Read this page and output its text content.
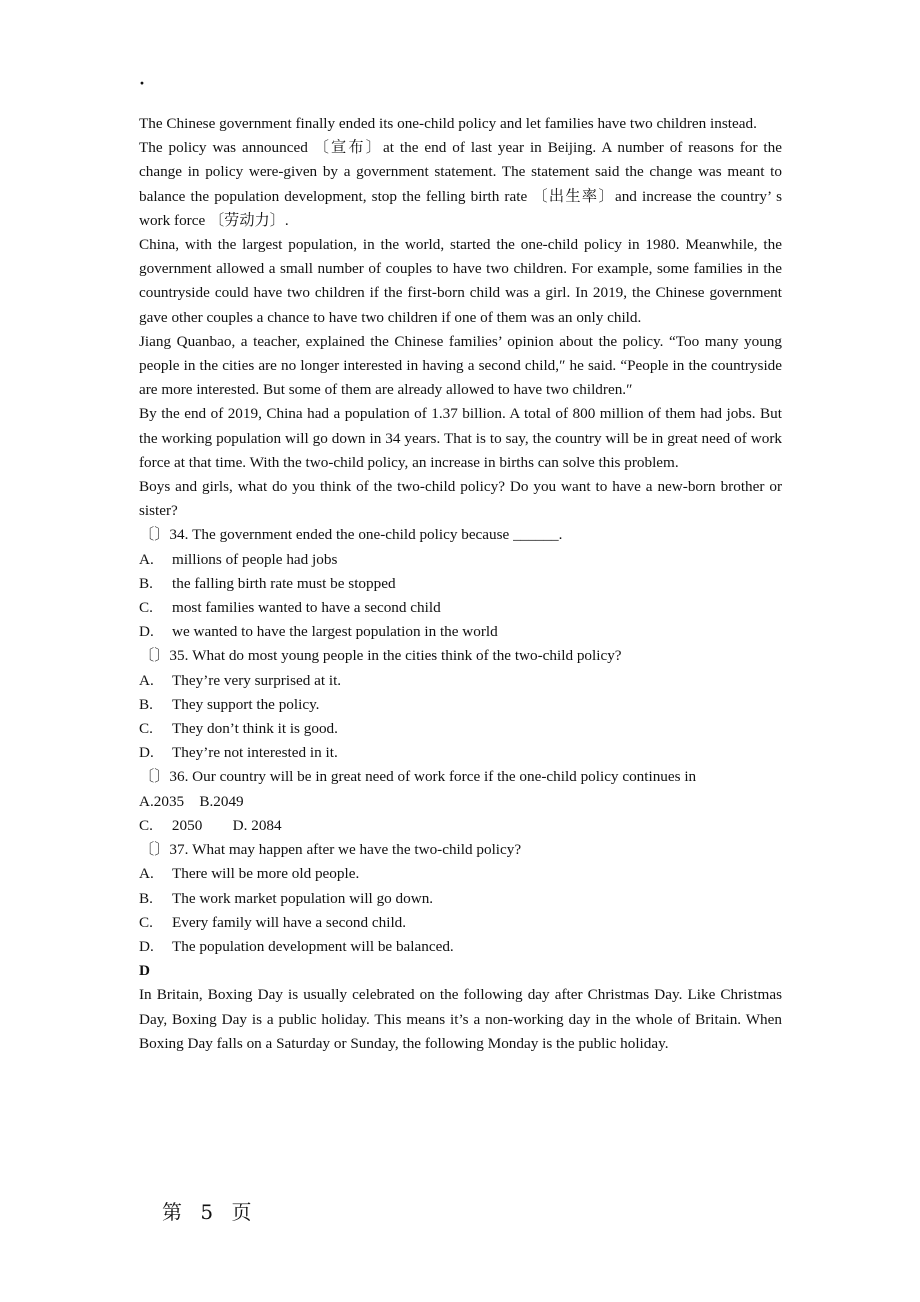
·
The Chinese government finally ended its one-child policy and let families have two children instead.
The policy was announced 〔宣布〕at the end of last year in Beijing. A number of reasons for the change in policy were-given by a government statement. The statement said the change was meant to balance the population development, stop the felling birth rate 〔出生率〕and increase the country’ s work force 〔劳动力〕.
China, with the largest population, in the world, started the one-child policy in 1980. Meanwhile, the government allowed a small number of couples to have two children. For example, some families in the countryside could have two children if the first-born child was a girl. In 2019, the Chinese government gave other couples a chance to have two children if one of them was an only child.
Jiang Quanbao, a teacher, explained the Chinese families’ opinion about the policy. “Too many young people in the cities are no longer interested in having a second child,″ he said. “People in the countryside are more interested. But some of them are already allowed to have two children.″
By the end of 2019, China had a population of 1.37 billion. A total of 800 million of them had jobs. But the working population will go down in 34 years. That is to say, the country will be in great need of work force at that time. With the two-child policy, an increase in births can solve this problem.
Boys and girls, what do you think of the two-child policy? Do you want to have a new-born brother or sister?
〔〕34. The government ended the one-child policy because ______.
A. millions of people had jobs
B. the falling birth rate must be stopped
C. most families wanted to have a second child
D. we wanted to have the largest population in the world
〔〕35. What do most young people in the cities think of the two-child policy?
A. They’re very surprised at it.
B. They support the policy.
C. They don’t think it is good.
D. They’re not interested in it.
〔〕36. Our country will be in great need of work force if the one-child policy continues in
A.2035    B.2049
C.     2050        D. 2084
〔〕37. What may happen after we have the two-child policy?
A. There will be more old people.
B. The work market population will go down.
C. Every family will have a second child.
D. The population development will be balanced.
D
In Britain, Boxing Day is usually celebrated on the following day after Christmas Day. Like Christmas Day, Boxing Day is a public holiday. This means it’s a non-working day in the whole of Britain. When Boxing Day falls on a Saturday or Sunday, the following Monday is the public holiday.
第 5 页
